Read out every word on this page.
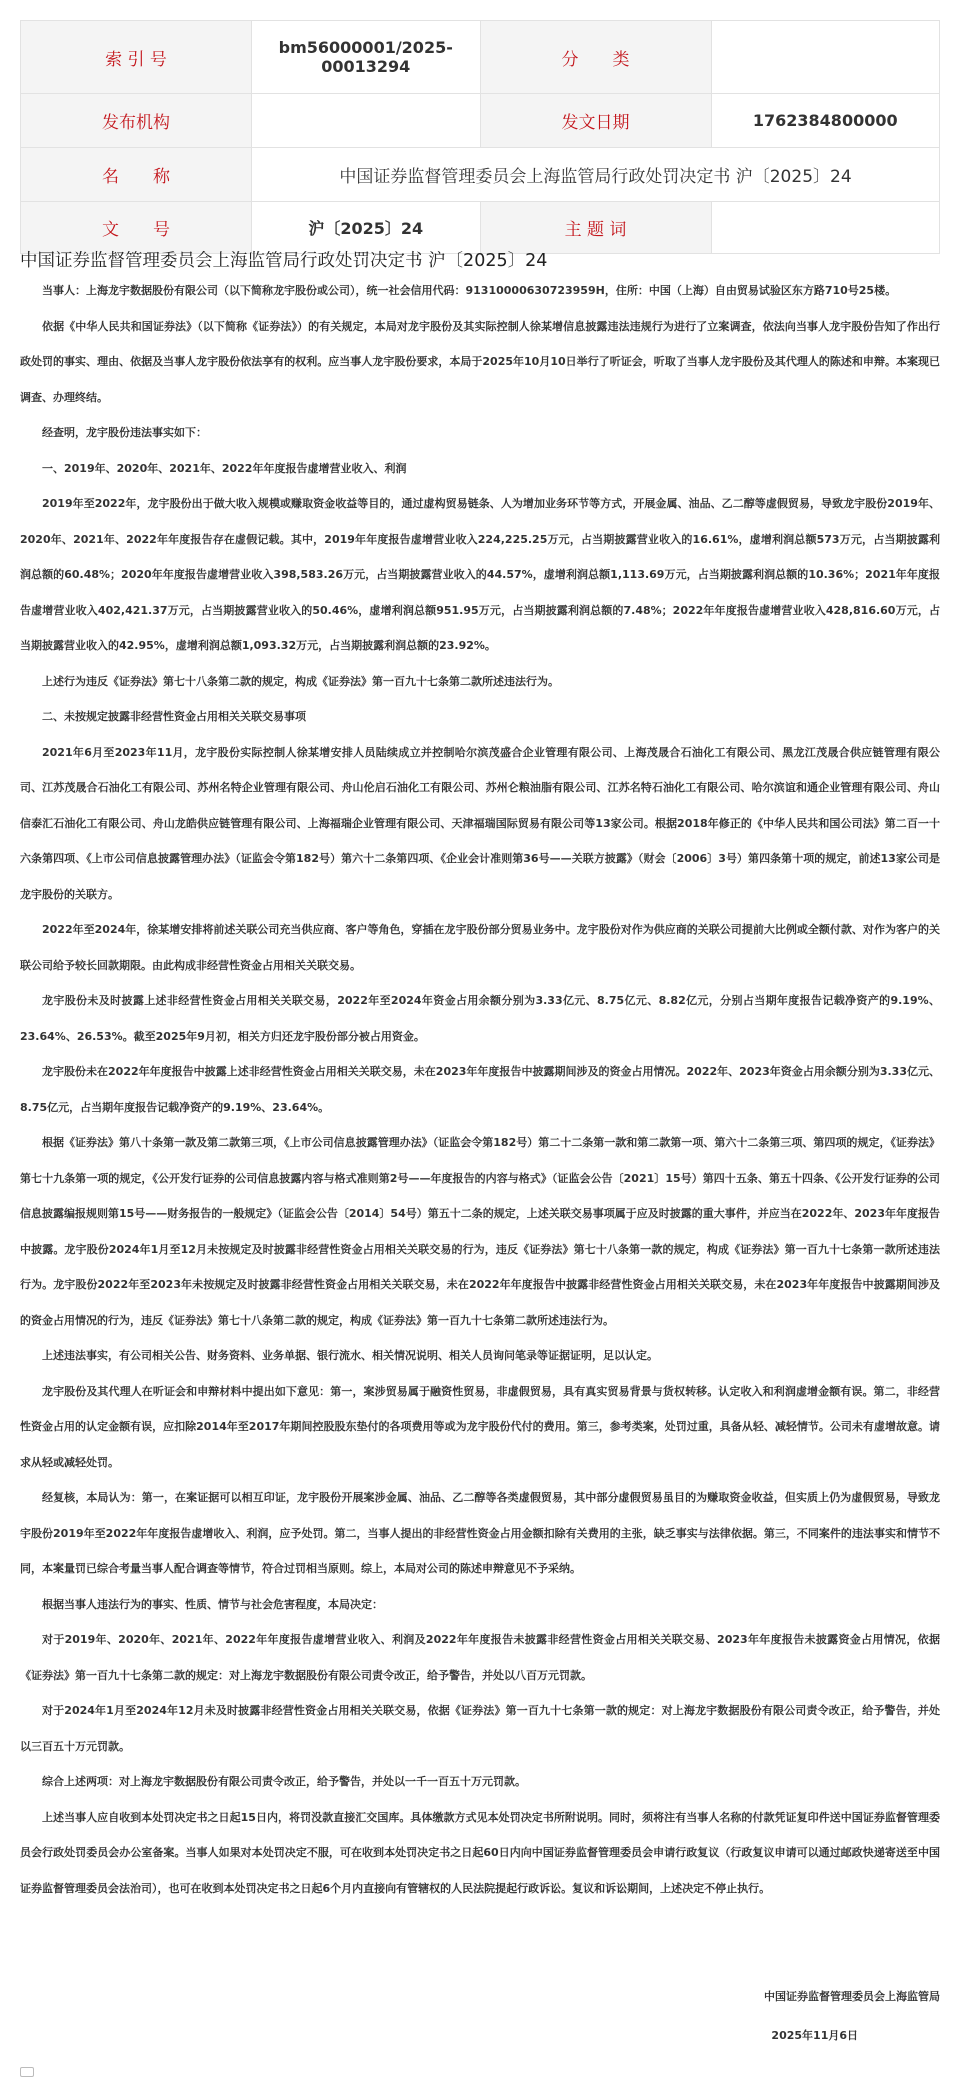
索 引 号	bm56000001/2025-00013294	分　　类	
发布机构		发文日期	1762384800000
名　　称	中国证券监督管理委员会上海监管局行政处罚决定书 沪〔2025〕24		
文　　号	沪〔2025〕24	主 题 词	
中国证券监督管理委员会上海监管局行政处罚决定书 沪〔2025〕24

当事人：上海龙宇数据股份有限公司（以下简称龙宇股份或公司），统一社会信用代码：91310000630723959H，住所：中国（上海）自由贸易试验区东方路710号25楼。

依据《中华人民共和国证券法》（以下简称《证券法》）的有关规定，本局对龙宇股份及其实际控制人徐某增信息披露违法违规行为进行了立案调查，依法向当事人龙宇股份告知了作出行政处罚的事实、理由、依据及当事人龙宇股份依法享有的权利。应当事人龙宇股份要求，本局于2025年10月10日举行了听证会，听取了当事人龙宇股份及其代理人的陈述和申辩。本案现已调查、办理终结。

经查明，龙宇股份违法事实如下：

一、2019年、2020年、2021年、2022年年度报告虚增营业收入、利润

2019年至2022年，龙宇股份出于做大收入规模或赚取资金收益等目的，通过虚构贸易链条、人为增加业务环节等方式，开展金属、油品、乙二醇等虚假贸易，导致龙宇股份2019年、2020年、2021年、2022年年度报告存在虚假记载。其中，2019年年度报告虚增营业收入224,225.25万元，占当期披露营业收入的16.61%，虚增利润总额573万元，占当期披露利润总额的60.48%；2020年年度报告虚增营业收入398,583.26万元，占当期披露营业收入的44.57%，虚增利润总额1,113.69万元，占当期披露利润总额的10.36%；2021年年度报告虚增营业收入402,421.37万元，占当期披露营业收入的50.46%，虚增利润总额951.95万元，占当期披露利润总额的7.48%；2022年年度报告虚增营业收入428,816.60万元，占当期披露营业收入的42.95%，虚增利润总额1,093.32万元，占当期披露利润总额的23.92%。

上述行为违反《证券法》第七十八条第二款的规定，构成《证券法》第一百九十七条第二款所述违法行为。

二、未按规定披露非经营性资金占用相关关联交易事项

2021年6月至2023年11月，龙宇股份实际控制人徐某增安排人员陆续成立并控制哈尔滨茂盛合企业管理有限公司、上海茂晟合石油化工有限公司、黑龙江茂晟合供应链管理有限公司、江苏茂晟合石油化工有限公司、苏州名特企业管理有限公司、舟山伦启石油化工有限公司、苏州仑粮油脂有限公司、江苏名特石油化工有限公司、哈尔滨谊和通企业管理有限公司、舟山信泰汇石油化工有限公司、舟山龙皓供应链管理有限公司、上海福瑞企业管理有限公司、天津福瑞国际贸易有限公司等13家公司。根据2018年修正的《中华人民共和国公司法》第二百一十六条第四项、《上市公司信息披露管理办法》（证监会令第182号）第六十二条第四项、《企业会计准则第36号——关联方披露》（财会〔2006〕3号）第四条第十项的规定，前述13家公司是龙宇股份的关联方。

2022年至2024年，徐某增安排将前述关联公司充当供应商、客户等角色，穿插在龙宇股份部分贸易业务中。龙宇股份对作为供应商的关联公司提前大比例或全额付款、对作为客户的关联公司给予较长回款期限。由此构成非经营性资金占用相关关联交易。

龙宇股份未及时披露上述非经营性资金占用相关关联交易，2022年至2024年资金占用余额分别为3.33亿元、8.75亿元、8.82亿元，分别占当期年度报告记载净资产的9.19%、23.64%、26.53%。截至2025年9月初，相关方归还龙宇股份部分被占用资金。

龙宇股份未在2022年年度报告中披露上述非经营性资金占用相关关联交易，未在2023年年度报告中披露期间涉及的资金占用情况。2022年、2023年资金占用余额分别为3.33亿元、8.75亿元，占当期年度报告记载净资产的9.19%、23.64%。

根据《证券法》第八十条第一款及第二款第三项，《上市公司信息披露管理办法》（证监会令第182号）第二十二条第一款和第二款第一项、第六十二条第三项、第四项的规定，《证券法》第七十九条第一项的规定，《公开发行证券的公司信息披露内容与格式准则第2号——年度报告的内容与格式》（证监会公告〔2021〕15号）第四十五条、第五十四条、《公开发行证券的公司信息披露编报规则第15号——财务报告的一般规定》（证监会公告〔2014〕54号）第五十二条的规定，上述关联交易事项属于应及时披露的重大事件，并应当在2022年、2023年年度报告中披露。龙宇股份2024年1月至12月未按规定及时披露非经营性资金占用相关关联交易的行为，违反《证券法》第七十八条第一款的规定，构成《证券法》第一百九十七条第一款所述违法行为。龙宇股份2022年至2023年未按规定及时披露非经营性资金占用相关关联交易，未在2022年年度报告中披露非经营性资金占用相关关联交易，未在2023年年度报告中披露期间涉及的资金占用情况的行为，违反《证券法》第七十八条第二款的规定，构成《证券法》第一百九十七条第二款所述违法行为。

上述违法事实，有公司相关公告、财务资料、业务单据、银行流水、相关情况说明、相关人员询问笔录等证据证明，足以认定。

龙宇股份及其代理人在听证会和申辩材料中提出如下意见：第一，案涉贸易属于融资性贸易，非虚假贸易，具有真实贸易背景与货权转移。认定收入和利润虚增金额有误。第二，非经营性资金占用的认定金额有误，应扣除2014年至2017年期间控股股东垫付的各项费用等或为龙宇股份代付的费用。第三，参考类案，处罚过重，具备从轻、减轻情节。公司未有虚增故意。请求从轻或减轻处罚。

经复核，本局认为：第一，在案证据可以相互印证，龙宇股份开展案涉金属、油品、乙二醇等各类虚假贸易，其中部分虚假贸易虽目的为赚取资金收益，但实质上仍为虚假贸易，导致龙宇股份2019年至2022年年度报告虚增收入、利润，应予处罚。第二，当事人提出的非经营性资金占用金额扣除有关费用的主张，缺乏事实与法律依据。第三，不同案件的违法事实和情节不同，本案量罚已综合考量当事人配合调查等情节，符合过罚相当原则。综上，本局对公司的陈述申辩意见不予采纳。

根据当事人违法行为的事实、性质、情节与社会危害程度，本局决定：

对于2019年、2020年、2021年、2022年年度报告虚增营业收入、利润及2022年年度报告未披露非经营性资金占用相关关联交易、2023年年度报告未披露资金占用情况，依据《证券法》第一百九十七条第二款的规定：对上海龙宇数据股份有限公司责令改正，给予警告，并处以八百万元罚款。

对于2024年1月至2024年12月未及时披露非经营性资金占用相关关联交易，依据《证券法》第一百九十七条第一款的规定：对上海龙宇数据股份有限公司责令改正，给予警告，并处以三百五十万元罚款。

综合上述两项：对上海龙宇数据股份有限公司责令改正，给予警告，并处以一千一百五十万元罚款。

上述当事人应自收到本处罚决定书之日起15日内，将罚没款直接汇交国库。具体缴款方式见本处罚决定书所附说明。同时，须将注有当事人名称的付款凭证复印件送中国证券监督管理委员会行政处罚委员会办公室备案。当事人如果对本处罚决定不服，可在收到本处罚决定书之日起60日内向中国证券监督管理委员会申请行政复议（行政复议申请可以通过邮政快递寄送至中国证券监督管理委员会法治司），也可在收到本处罚决定书之日起6个月内直接向有管辖权的人民法院提起行政诉讼。复议和诉讼期间，上述决定不停止执行。

中国证券监督管理委员会上海监管局
2025年11月6日
